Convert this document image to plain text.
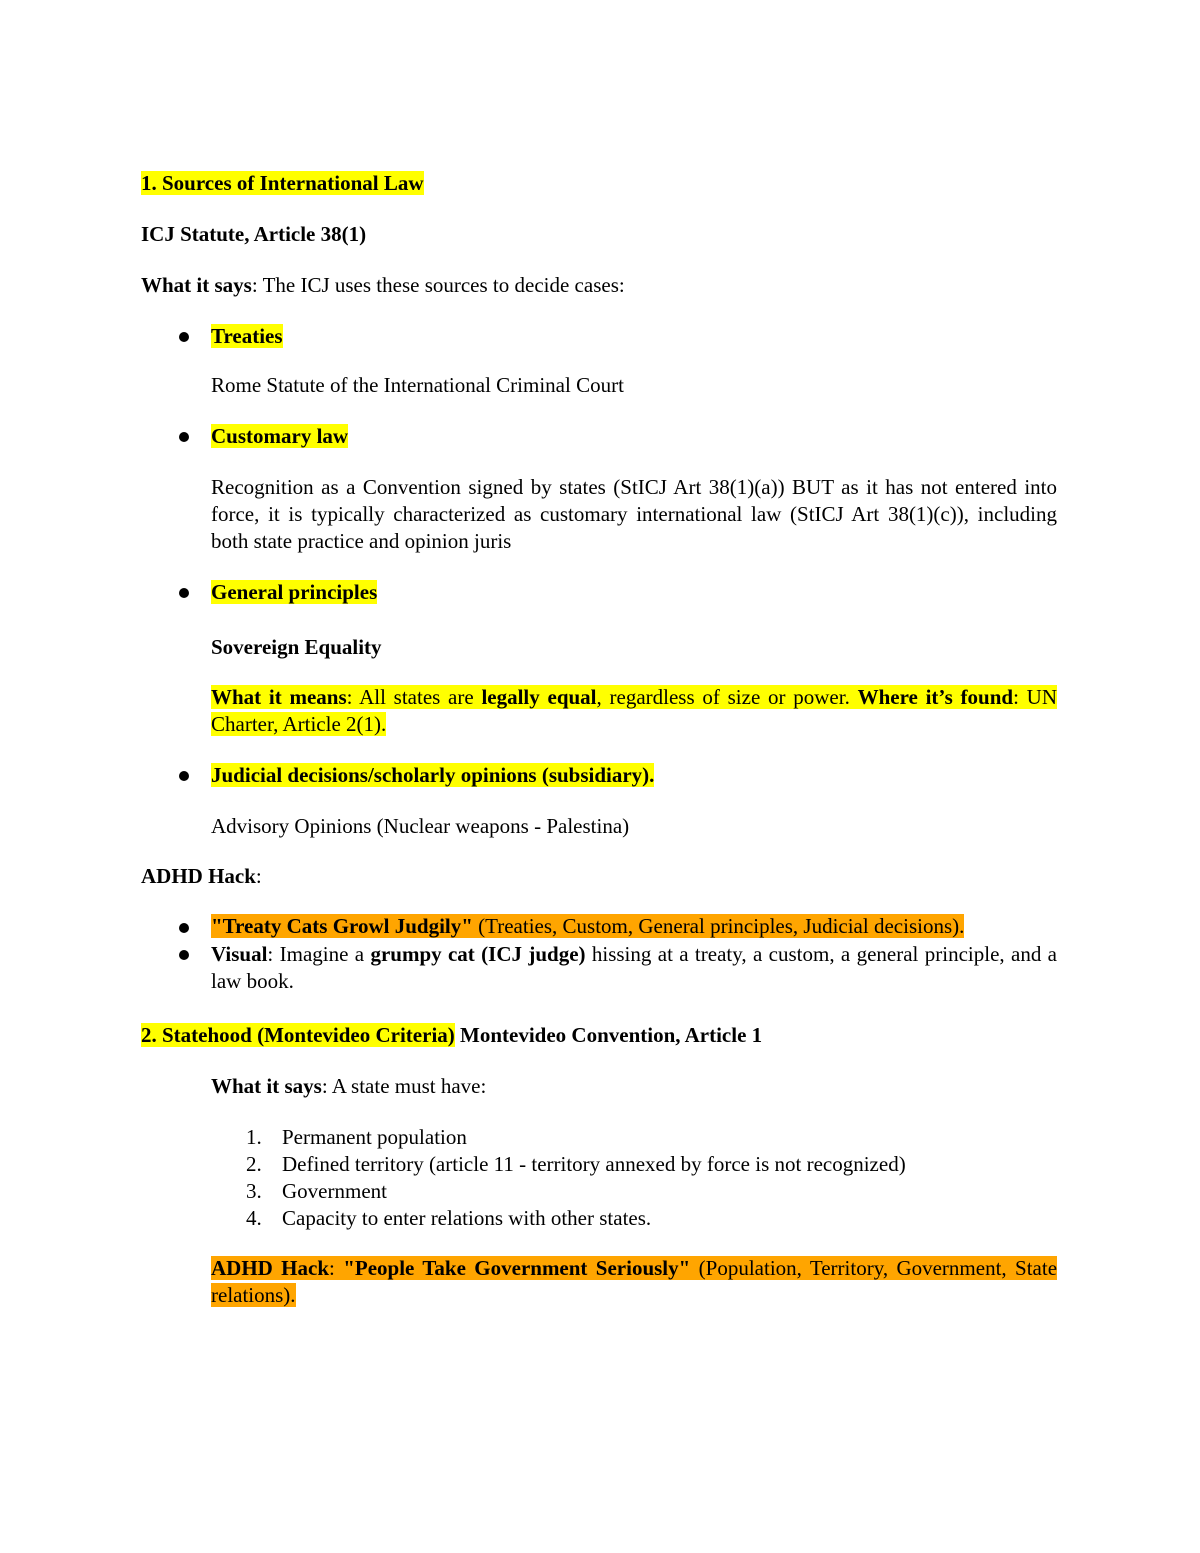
1. Sources of International Law
ICJ Statute, Article 38(1)
What it says: The ICJ uses these sources to decide cases:
Treaties
Rome Statute of the International Criminal Court
Customary law
Recognition as a Convention signed by states (StICJ Art 38(1)(a)) BUT as it has not entered into force, it is typically characterized as customary international law (StICJ Art 38(1)(c)), including both state practice and opinion juris
General principles
Sovereign Equality
What it means: All states are legally equal, regardless of size or power. Where it’s found: UN Charter, Article 2(1).
Judicial decisions/scholarly opinions (subsidiary).
Advisory Opinions (Nuclear weapons - Palestina)
ADHD Hack:
"Treaty Cats Growl Judgily" (Treaties, Custom, General principles, Judicial decisions).
Visual: Imagine a grumpy cat (ICJ judge) hissing at a treaty, a custom, a general principle, and a law book.
2. Statehood (Montevideo Criteria) Montevideo Convention, Article 1
What it says: A state must have:
1. Permanent population
2. Defined territory (article 11 - territory annexed by force is not recognized)
3. Government
4. Capacity to enter relations with other states.
ADHD Hack: "People Take Government Seriously" (Population, Territory, Government, State relations).
